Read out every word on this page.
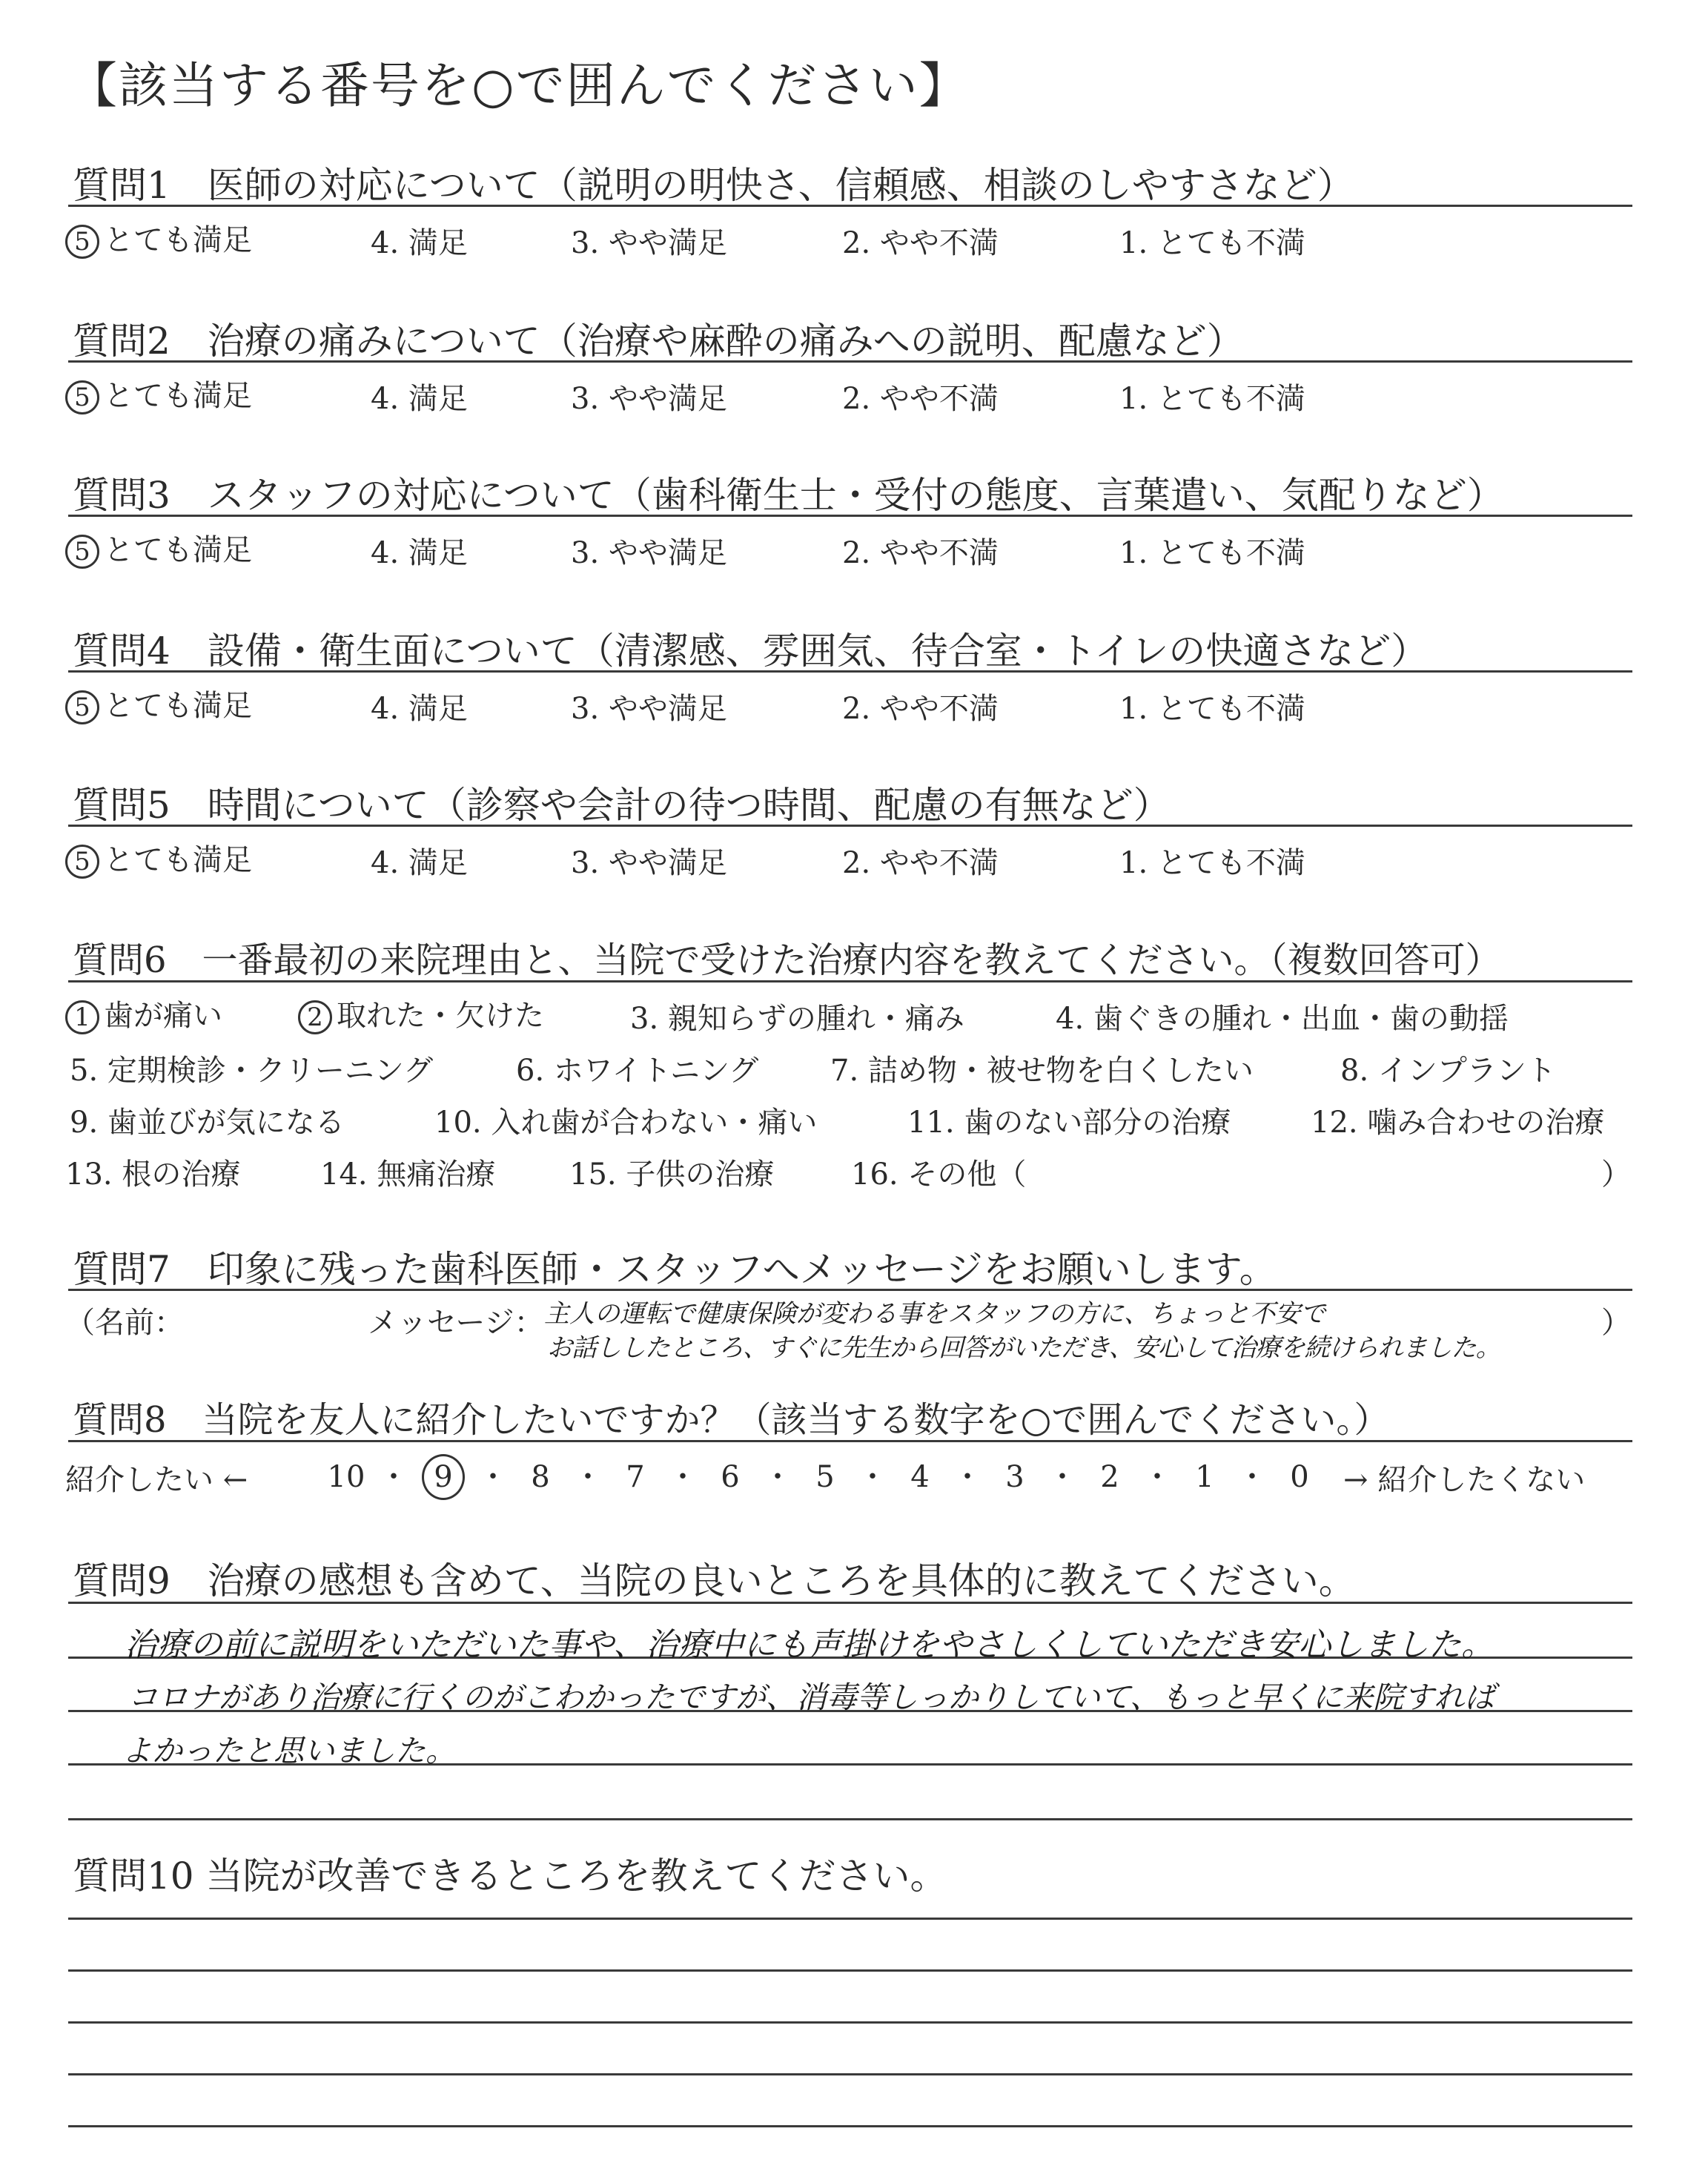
【該当する番号を○で囲んでください】
質問1　医師の対応について（説明の明快さ、信頼感、相談のしやすさなど）
5 とても満足	4. 満足	3. やや満足	2. やや不満	1. とても不満
質問2　治療の痛みについて（治療や麻酔の痛みへの説明、配慮など）
5 とても満足	4. 満足	3. やや満足	2. やや不満	1. とても不満
質問3　スタッフの対応について（歯科衛生士・受付の態度、言葉遣い、気配りなど）
5 とても満足	4. 満足	3. やや満足	2. やや不満	1. とても不満
質問4　設備・衛生面について（清潔感、雰囲気、待合室・トイレの快適さなど）
5 とても満足	4. 満足	3. やや満足	2. やや不満	1. とても不満
質問5　時間について（診察や会計の待つ時間、配慮の有無など）
5 とても満足	4. 満足	3. やや満足	2. やや不満	1. とても不満
質問6　一番最初の来院理由と、当院で受けた治療内容を教えてください。（複数回答可）
1 歯が痛い	2 取れた・欠けた	3. 親知らずの腫れ・痛み	4. 歯ぐきの腫れ・出血・歯の動揺
5. 定期検診・クリーニング	6. ホワイトニング 7. 詰め物・被せ物を白くしたい	8. インプラント
9. 歯並びが気になる	10. 入れ歯が合わない・痛い	11. 歯のない部分の治療	12. 噛み合わせの治療
13. 根の治療	14. 無痛治療 15. 子供の治療	16. その他（	）
質問7　印象に残った歯科医師・スタッフへメッセージをお願いします。
（名前：	メッセージ： 主人の運転で健康保険が変わる事をスタッフの方に、ちょっと不安で
お話ししたところ、すぐに先生から回答がいただき、安心して治療を続けられました。
）
質問8　当院を友人に紹介したいですか？（該当する数字を○で囲んでください。）
紹介したい ←	10 ・ 9 ・ 8 ・ 7 ・ 6 ・ 5 ・ 4 ・ 3 ・ 2 ・ 1 ・ 0	→ 紹介したくない
質問9　治療の感想も含めて、当院の良いところを具体的に教えてください。
治療の前に説明をいただいた事や、治療中にも声掛けをやさしくしていただき安心しました。
コロナがあり治療に行くのがこわかったですが、消毒等しっかりしていて、もっと早くに来院すれば
よかったと思いました。
質問10 当院が改善できるところを教えてください。
